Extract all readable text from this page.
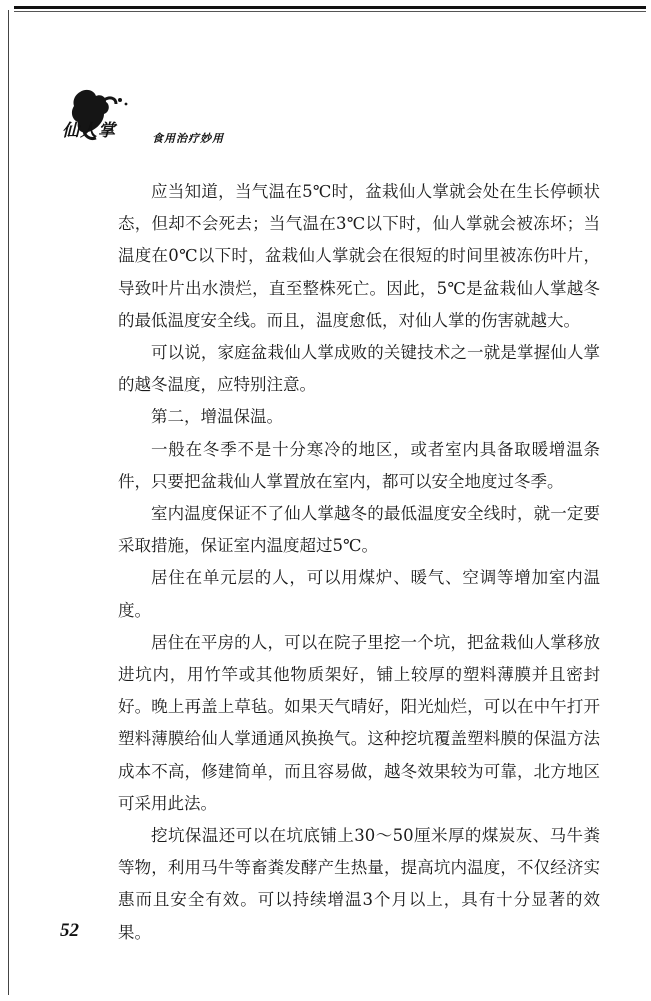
仙人掌	食用治疗妙用

应当知道，当气温在5℃时，盆栽仙人掌就会处在生长停顿状态，但却不会死去；当气温在3℃以下时，仙人掌就会被冻坏；当温度在0℃以下时，盆栽仙人掌就会在很短的时间里被冻伤叶片，导致叶片出水溃烂，直至整株死亡。因此，5℃是盆栽仙人掌越冬的最低温度安全线。而且，温度愈低，对仙人掌的伤害就越大。

可以说，家庭盆栽仙人掌成败的关键技术之一就是掌握仙人掌的越冬温度，应特别注意。

第二，增温保温。

一般在冬季不是十分寒冷的地区，或者室内具备取暖增温条件，只要把盆栽仙人掌置放在室内，都可以安全地度过冬季。

室内温度保证不了仙人掌越冬的最低温度安全线时，就一定要采取措施，保证室内温度超过5℃。

居住在单元层的人，可以用煤炉、暖气、空调等增加室内温度。

居住在平房的人，可以在院子里挖一个坑，把盆栽仙人掌移放进坑内，用竹竿或其他物质架好，铺上较厚的塑料薄膜并且密封好。晚上再盖上草毡。如果天气晴好，阳光灿烂，可以在中午打开塑料薄膜给仙人掌通通风换换气。这种挖坑覆盖塑料膜的保温方法成本不高，修建简单，而且容易做，越冬效果较为可靠，北方地区可采用此法。

挖坑保温还可以在坑底铺上30～50厘米厚的煤炭灰、马牛粪等物，利用马牛等畜粪发酵产生热量，提高坑内温度，不仅经济实惠而且安全有效。可以持续增温3个月以上，具有十分显著的效果。

52
